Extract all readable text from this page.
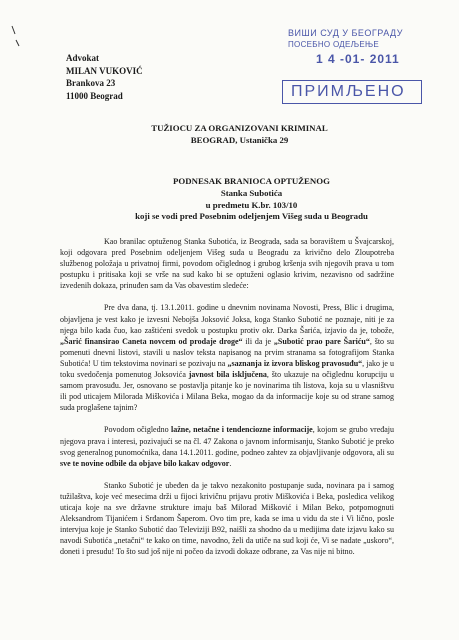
Advokat
MILAN VUKOVIĆ
Brankova 23
11000 Beograd
ВИШИ СУД У БЕОГРАДУ
ПОСЕБНО ОДЕЉЕЊЕ
1 4 -01- 2011
ПРИМЉЕНО
TUŽIOCU ZA ORGANIZOVANI KRIMINAL
BEOGRAD, Ustanička 29
PODNESAK BRANIOCA OPTUŽENOG
Stanka Subotića
u predmetu K.br. 103/10
koji se vodi pred Posebnim odeljenjem Višeg suda u Beogradu

Kao branilac optuženog Stanka Subotića, iz Beograda, sada sa boravištem u Švajcarskoj, koji odgovara pred Posebnim odeljenjem Višeg suda u Beogradu za krivično delo Zloupotreba službenog položaja u privatnoj firmi, povodom očiglednog i grubog kršenja svih njegovih prava u tom postupku i pritisaka koji se vrše na sud kako bi se optuženi oglasio krivim, nezavisno od sadržine izvedenih dokaza, prinuđen sam da Vas obavestim sledeće:

Pre dva dana, tj. 13.1.2011. godine u dnevnim novinama Novosti, Press, Blic i drugima, objavljena je vest kako je izvesni Nebojša Joksović Joksa, koga Stanko Subotić ne poznaje, niti je za njega bilo kada čuo, kao zaštićeni svedok u postupku protiv okr. Darka Šarića, izjavio da je, tobože, „Šarić finansirao Caneta novcem od prodaje droge“ ili da je „Subotić prao pare Šariću“, što su pomenuti dnevni listovi, stavili u naslov teksta napisanog na prvim stranama sa fotografijom Stanka Subotića! U tim tekstovima novinari se pozivaju na „saznanja iz izvora bliskog pravosuđu“, jako je u toku svedočenja pomenutog Joksovića javnost bila isključena, što ukazuje na očiglednu korupciju u samom pravosuđu. Jer, osnovano se postavlja pitanje ko je novinarima tih listova, koja su u vlasništvu ili pod uticajem Milorada Miškovića i Milana Beka, mogao da da informacije koje su od strane samog suda proglašene tajnim?

Povodom očigledno lažne, netačne i tendenciozne informacije, kojom se grubo vređaju njegova prava i interesi, pozivajući se na čl. 47 Zakona o javnom informisanju, Stanko Subotić je preko svog generalnog punomoćnika, dana 14.1.2011. godine, podneo zahtev za objavljivanje odgovora, ali su sve te novine odbile da objave bilo kakav odgovor.

Stanko Subotić je ubeđen da je takvo nezakonito postupanje suda, novinara pa i samog tužilaštva, koje već mesecima drži u fijoci krivičnu prijavu protiv Miškovića i Beka, posledica velikog uticaja koje na sve državne strukture imaju baš Milorad Mišković i Milan Beko, potpomognuti Aleksandrom Tijanićem i Srđanom Šaperom. Ovo tim pre, kada se ima u vidu da ste i Vi lično, posle intervjua koje je Stanko Subotić dao Televiziji B92, naišli za shodno da u medijima date izjavu kako su navodi Subotića „netačni“ te kako on time, navodno, želi da utiče na sud koji će, Vi se nadate „uskoro“, doneti i presudu! To što sud još nije ni počeo da izvodi dokaze odbrane, za Vas nije ni bitno.
